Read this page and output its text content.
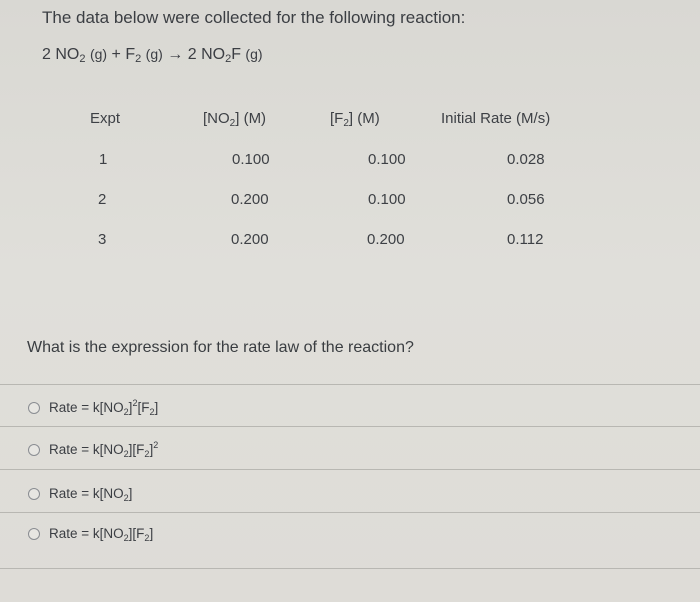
The data below were collected for the following reaction:
2 $NO_2$ $(g) + F_2$ (g) → 2 $NO_2F$ (g)
Expt	$[NO_2]$ (M)	$[F_2]$ (M)	Initial Rate (M/s)
1	0.100	0.100	0.028
2	0.200	0.100	0.056
3	0.200	0.200	0.112
What is the expression for the rate law of the reaction?
Rate = $k[NO_2]^2[F_2]$
Rate = $k[NO_2][F_2]^2$
Rate = $k[NO_2]$
Rate = $k[NO_2][F_2]$
